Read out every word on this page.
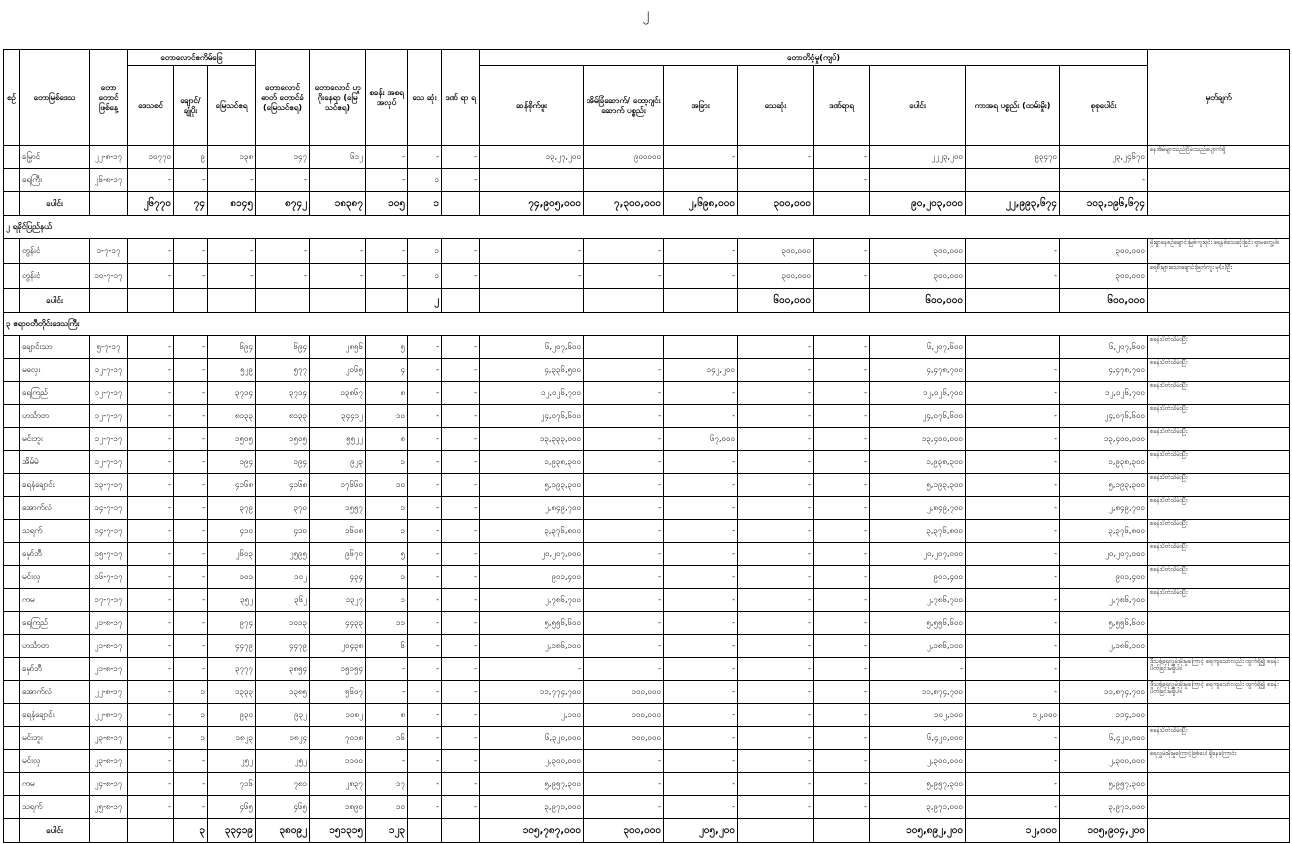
၂
စဥ်	တောမြစ်ဒေသ	တော တောင် ဖြစ်နေ့	တောလောင်ဧကိမ်ခြေ			တောလောင် ဓာတ် တောင်ခံ (မြေသင်ဧရ)	တောလောင် ဟူဂိုးနေရာ (မြေသင်ဧရ)	စခန်း အစရ အလုပ်	သေ ဆုံး	ဒဏ် ရာ ရ	တောတိဝံ့မှု(ကျပ်)								မှတ်ချက်
			ဒေသစင်	ချောင်/ ချုံပိုး	မြေသင်ဧရ						ဆန်စိုက်ဖူး	အိမ်ခြံဆောက်/ ထော့ဂျင်းဆောက် ပစ္စည်း	အခြား	သေဆုံး	ဒဏ်ရာရ	ပေါင်း	ကာအရ ပစ္စည်း (ထမ်းမှိုး)	စုစုပေါင်း	
	မြှောင်	၂၂-၈-၁၇	၁၀၇၇၀	၉	၁၃၈	၁၄၇	၆၁၂	-	-	-	၁၃,၂၇,၂၀၀	၉၀၀၀၀၀	-	-	-	၂၂၂၃,၂၀၀	၉၃၄၇၀	၂၃,၂၄၆၇၀	နေအိမ်များသည်ငြိမ်းသည်ပျောက်ရှိ
	ရေကြီး	၂၆-၈-၁၇	-	-	-	-		-	၁	-					-			-	
	ပေါင်း		၂၆၇၇၀	၇၄	၈၁၄၅	၈၇၄၂	၁၈၃၈၇	၁၀၅	၁		၇၄,၉၀၅,၀၀၀	၇,၃၀၀,၀၀၀	၂,၆၉၈,၀၀၀	၃၀၀,၀၀၀		၉၀,၂၀၃,၀၀၀	၂၂,၉၉၃,၆၇၄	၁၀၃,၁၉၆,၆၇၄	
၂ ရခိုင်ပြည်နယ်																			
	တွန်းငံ	၁-၇-၁၇	-	-	-	-	-	-	၁	-	-	-	-	၃၀၀,၀၀၀	-	၃၀၀,၀၀၀	-	၃၀၀,၀၀၀	မိုးရွာနေစဉ်ချောင်းမြစ်ကူးရင်း ရေနစ်သေဆုံးခြင်း ရှာမတွေ့ပါ။
	တွန်းငံ	၁၀-၇-၁၇	-	-	-	-	-	-	၁	-	-	-	-	၃၀၀,၀၀၀	-	၃၀၀,၀၀၀	-	၃၀၀,၀၀၀	ရေစီးများသောချောင်းဖြတ်ကူး မှ(၁)ဦး
	ပေါင်း								၂					၆၀၀,၀၀၀		၆၀၀,၀၀၀		၆၀၀,၀၀၀	
၃ ဧရာဝတီတိုင်းဒေသကြီး																			
	ချောင်းသာ	၅-၇-၁၇	-	-	၆၉၄	၆၉၄	၂၈၅၆	၅	-	-	၆,၂၀၇,၆၀၀			-	-	၆,၂၀၇,၆၀၀		၆,၂၀၇,၆၀၀	စခန်းပိတ်သိမ်းပြီး
	မလှေး	၁၂-၇-၁၇	-	-	၅၂၉	၅၇၇	၂၀၆၅	၄	-	-	၄,၃၃၆,၅၀၀	-	၁၄၂,၂၀၀	-	-	၄,၄၇၈,၇၀၀	-	၄,၄၇၈,၇၀၀	စခန်းပိတ်သိမ်းပြီး
	ရေကြည်	၁၂-၇-၁၇	-	-	၃၇၁၄	၃၇၁၄	၁၃၈၆၇	၈	-	-	၁၂,၀၂၆,၇၀၀	-	-	-	-	၁၂,၀၂၆,၇၀၀	-	၁၂,၀၂၆,၇၀၀	စခန်းပိတ်သိမ်းပြီး
	ဟင်္သာတ	၁၂-၇-၁၇	-	-	၈၁၃၃	၈၁၃၃	၃၄၄၁၂	၁၀	-	-	၂၄,၀၇၆,၆၀၀	-	-	-	-	၂၄,၀၇၆,၆၀၀	-	၂၄,၀၇၆,၆၀၀	စခန်းပိတ်သိမ်းပြီး
	မင်းဘူး	၁၂-၇-၁၇	-	-	၁၅၀၅	၁၅၀၅	၅၅၂၂	၈	-	-	၁၃,၃၃၃,၀၀၀	-	၆၇,၀၀၀	-	-	၁၃,၄၀၀,၀၀၀	-	၁၃,၄၀၀,၀၀၀	စခန်းပိတ်သိမ်းပြီး
	အိမ်မဲ	၁၂-၇-၁၇	-	-	၁၉၄	၁၉၄	၉၂၃	၁	-	-	၁,၉၃၈,၃၀၀	-	-	-	-	၁,၉၃၈,၃၀၀	-	၁,၉၃၈,၃၀၀	စခန်းပိတ်သိမ်းပြီး
	ရေနံချောင်း	၁၃-၇-၁၇	-	-	၄၁၆၈	၄၁၆၈	၁၇၆၆၀	၁၀	-	-	၅,၁၉၃,၃၀၀	-	-	-	-	၅,၁၉၃,၃၀၀	-	၅,၁၉၃,၃၀၀	စခန်းပိတ်သိမ်းပြီး
	အောက်လံ	၁၄-၇-၁၇	-	-	၃၇၉	၃၇၀	၁၅၅၇	၁	-	-	၂,၈၄၉,၇၀၀	-	-	-	-	၂,၈၄၉,၇၀၀	-	၂,၈၄၉,၇၀၀	စခန်းပိတ်သိမ်းပြီး
	သရက်	၁၄-၇-၁၇	-	-	၄၁၀	၄၁၀	၁၆၀၈	၁	-	-	၃,၃၇၆,၈၀၀	-	-	-	-	၃,၃၇၆,၈၀၀	-	၃,၃၇၆,၈၀၀	စခန်းပိတ်သိမ်းပြီး
	မှော်ဘီ	၁၅-၇-၁၇	-	-	၂၆၀၃	၂၅၉၅	၉၆၇၀	၅	-	-	၂၀,၂၀၇,၀၀၀	-	-	-	-	၂၀,၂၀၇,၀၀၀	-	၂၀,၂၀၇,၀၀၀	စခန်းပိတ်သိမ်းပြီး
	မင်းလှ	၁၆-၇-၁၇	-	-	၁၀၁	၁၀၂	၄၃၄	၁	-	-	၉၀၁,၄၀၀	-	-	-	-	၉၀၁,၄၀၀	-	၉၀၁,၄၀၀	စခန်းပိတ်သိမ်းပြီး
	ကမ	၁၇-၇-၁၇	-	-	၃၅၂	၃၆၂	၁၃၂၇	၁	-	-	၂,၇၈၆,၇၀၀	-	-	-	-	၂,၇၈၆,၇၀၀	-	၂,၇၈၆,၇၀၀	စခန်းပိတ်သိမ်းပြီး
	ရေကြည်	၂၁-၈-၁၇	-	-	၉၇၄	၁၀၁၃	၄၄၃၃	၁၁	-	-	၅,၅၅၆,၆၀၀	-	-	-	-	၅,၅၅၆,၆၀၀	-	၅,၅၅၆,၆၀၀	
	ဟင်္သာတ	၂၁-၈-၁၇	-	-	၄၄၇၉	၄၄၇၉	၂၀၄၃၈	၆	-	-	၂,၁၈၆,၁၀၀	-	-	-	-	၂,၁၈၆,၁၀၀	-	၂,၁၈၆,၁၀၀	
	မှော်ဘီ	၂၁-၈-၁၇	-	-	၃၇၇၇	၃၈၅၄	၁၅၁၅၄	-	-	-	-	-	-	-	-	-	-		ဒီသစ်ရေလွှမ်းမိုးမှုကြောင့် ရေကျသော်လည်း ထွက်ရှိ၍ စခန်းပိတ်ခြင်းမရှိပါ။
	အောက်လံ	၂၂-၈-၁၇	-	၁	၁၃၃၃	၁၃၈၅	၅၆၀၇	-	-	-	၁၁,၇၇၄,၇၀၀	၁၀၀,၀၀၀	-	-	-	၁၁,၈၇၄,၇၀၀	-	၁၁,၈၇၄,၇၀၀	ဒီသစ်ရေလွှမ်းမိုးမှုကြောင့် ရေကျသော်လည်း ထွက်ရှိ၍ စခန်းပိတ်ခြင်းမရှိပါ။
	ရေနံချောင်း	၂၂-၈-၁၇	-	၁	၉၃၀	၉၃၂	၁၀၈၂	၈	-	-	၂,၁၀၀	၁၀၀,၀၀၀	-	-	-	၁၀၂,၁၀၀	၁၂,၀၀၀	၁၁၄,၁၀၀	
	မင်းဘူး	၂၃-၈-၁၇	-	၁	၁၈၂၃	၁၈၂၄	၇၀၁၈	၁၆	-	-	၆,၃၂၀,၀၀၀	၁၀၀,၀၀၀	-	-	-	၆,၄၂၀,၀၀၀	-	၆,၄၂၀,၀၀၀	စခန်းပိတ်သိမ်းပြီး
	မင်းလှ	၂၃-၈-၁၇	-	-	၂၅၂	၂၅၂	၁၁၀၀	-	-	-	၂,၃၀၀,၀၀၀	-	-	-	-	၂,၃၀၀,၀၀၀	-	၂,၃၀၀,၀၀၀	ရေလွှမ်းမိုးမှုကြောင့်ဖြစ်ပေါ်ရှိနေကြောင်း
	ကမ	၂၄-၈-၁၇	-	-	၇၁၆	၇၈၁	၂၈၃၇	၁၇	-	-	၅,၉၅၇,၃၀၀	-	-	-	-	၅,၉၅၇,၃၀၀	-	၅,၉၅၇,၃၀၀	
	သရက်	၂၅-၈-၁၇	-	-	၄၆၅	၄၆၅	၁၈၉၀	၁၀	-	-	၃,၉၇၁,၀၀၀	-	-	-	-	၃,၉၇၁,၀၀၀	-	၃,၉၇၁,၀၀၀	
	ပေါင်း			၃	၃၃၄၁၉	၃၈၀၉၂	၁၅၁၃၁၅	၁၂၃			၁၀၅,၇၈၇,၀၀၀	၃၀၀,၀၀၀	၂၀၅,၂၀၀			၁၀၅,၈၉၂,၂၀၀	၁၂,၀၀၀	၁၀၅,၉၀၄,၂၀၀	
